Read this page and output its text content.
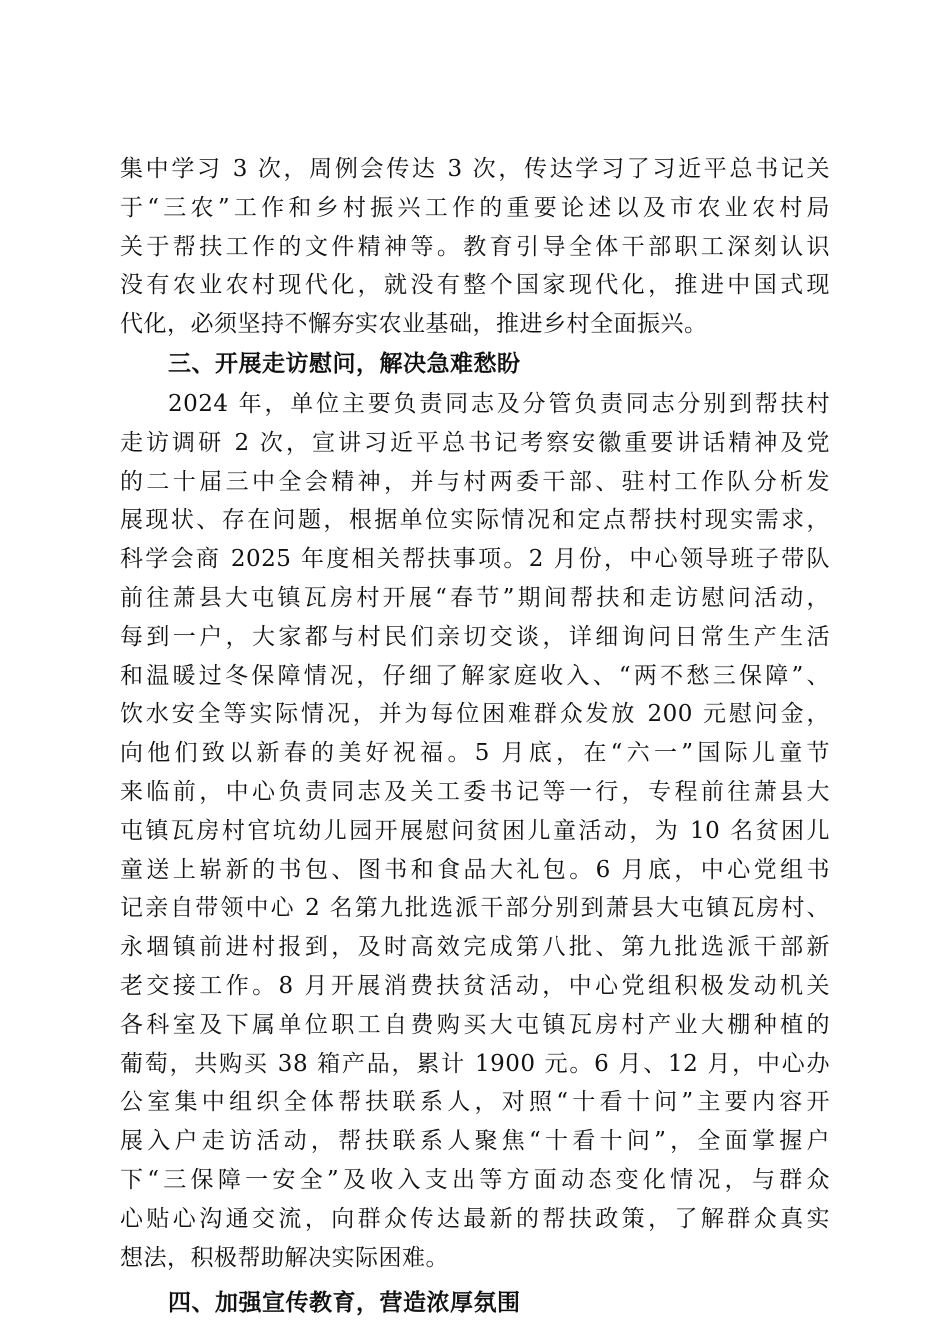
集中学习 3 次，周例会传达 3 次，传达学习了习近平总书记关
于“三农”工作和乡村振兴工作的重要论述以及市农业农村局
关于帮扶工作的文件精神等。教育引导全体干部职工深刻认识
没有农业农村现代化，就没有整个国家现代化，推进中国式现
代化，必须坚持不懈夯实农业基础，推进乡村全面振兴。
三、开展走访慰问，解决急难愁盼
2024 年，单位主要负责同志及分管负责同志分别到帮扶村
走访调研 2 次，宣讲习近平总书记考察安徽重要讲话精神及党
的二十届三中全会精神，并与村两委干部、驻村工作队分析发
展现状、存在问题，根据单位实际情况和定点帮扶村现实需求，
科学会商 2025 年度相关帮扶事项。2 月份，中心领导班子带队
前往萧县大屯镇瓦房村开展“春节”期间帮扶和走访慰问活动，
每到一户，大家都与村民们亲切交谈，详细询问日常生产生活
和温暖过冬保障情况，仔细了解家庭收入、“两不愁三保障”、
饮水安全等实际情况，并为每位困难群众发放 200 元慰问金，
向他们致以新春的美好祝福。5 月底，在“六一”国际儿童节
来临前，中心负责同志及关工委书记等一行，专程前往萧县大
屯镇瓦房村官坑幼儿园开展慰问贫困儿童活动，为 10 名贫困儿
童送上崭新的书包、图书和食品大礼包。6 月底，中心党组书
记亲自带领中心 2 名第九批选派干部分别到萧县大屯镇瓦房村、
永堌镇前进村报到，及时高效完成第八批、第九批选派干部新
老交接工作。8 月开展消费扶贫活动，中心党组积极发动机关
各科室及下属单位职工自费购买大屯镇瓦房村产业大棚种植的
葡萄，共购买 38 箱产品，累计 1900 元。6 月、12 月，中心办
公室集中组织全体帮扶联系人，对照“十看十问”主要内容开
展入户走访活动，帮扶联系人聚焦“十看十问”，全面掌握户
下“三保障一安全”及收入支出等方面动态变化情况，与群众
心贴心沟通交流，向群众传达最新的帮扶政策，了解群众真实
想法，积极帮助解决实际困难。
四、加强宣传教育，营造浓厚氛围
